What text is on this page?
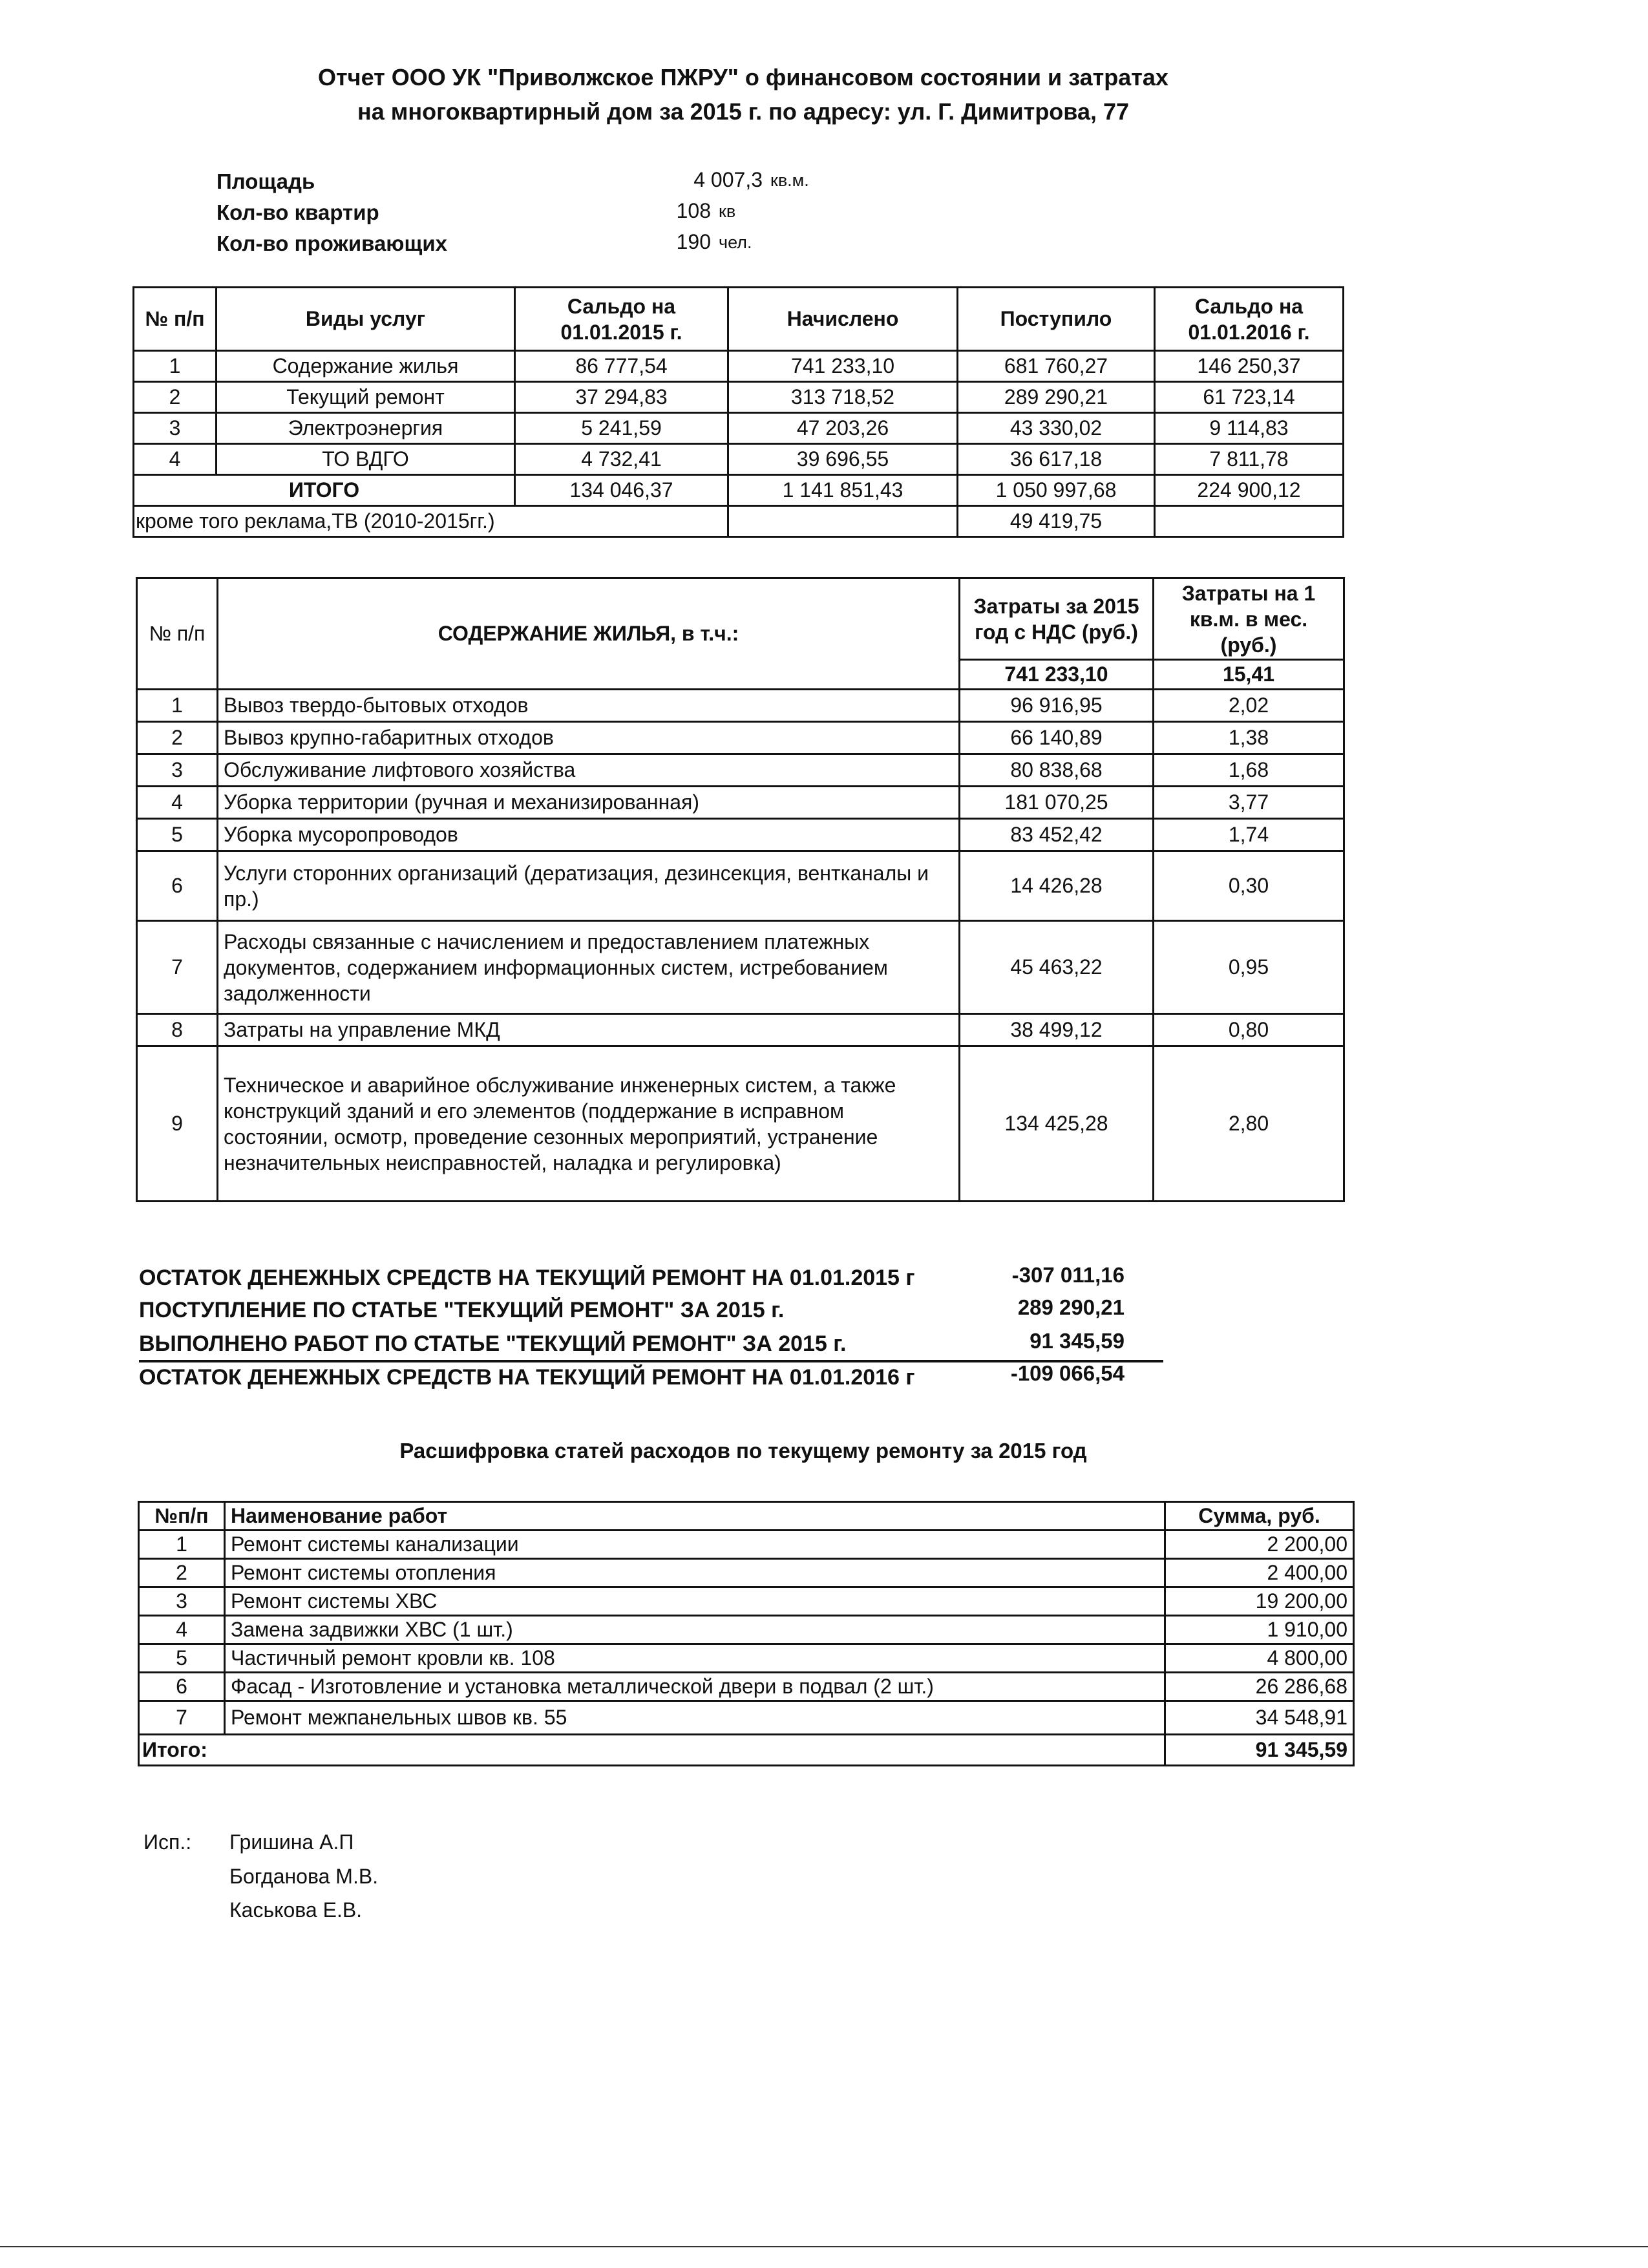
Отчет ООО УК "Приволжское ПЖРУ" о финансовом состоянии и затратах
на многоквартирный дом за 2015 г. по адресу: ул. Г. Димитрова, 77
Площадь	4 007,3 кв.м.
Кол-во квартир	108 кв
Кол-во проживающих	190 чел.
№ п/п	Виды услуг	Сальдо на 01.01.2015 г.	Начислено	Поступило	Сальдо на 01.01.2016 г.
1	Содержание жилья	86 777,54	741 233,10	681 760,27	146 250,37
2	Текущий ремонт	37 294,83	313 718,52	289 290,21	61 723,14
3	Электроэнергия	5 241,59	47 203,26	43 330,02	9 114,83
4	ТО ВДГО	4 732,41	39 696,55	36 617,18	7 811,78
ИТОГО		134 046,37	1 141 851,43	1 050 997,68	224 900,12
кроме того реклама,ТВ (2010-2015гг.)				49 419,75	
№ п/п	СОДЕРЖАНИЕ ЖИЛЬЯ, в т.ч.:	Затраты за 2015 год с НДС (руб.)	Затраты на 1 кв.м. в мес. (руб.)
		741 233,10	15,41
1	Вывоз твердо-бытовых отходов	96 916,95	2,02
2	Вывоз крупно-габаритных отходов	66 140,89	1,38
3	Обслуживание лифтового хозяйства	80 838,68	1,68
4	Уборка территории (ручная и механизированная)	181 070,25	3,77
5	Уборка мусоропроводов	83 452,42	1,74
6	Услуги сторонних организаций (дератизация, дезинсекция, вентканалы и пр.)	14 426,28	0,30
7	Расходы связанные с начислением и предоставлением платежных документов, содержанием информационных систем, истребованием задолженности	45 463,22	0,95
8	Затраты на управление МКД	38 499,12	0,80
9	Техническое и аварийное обслуживание инженерных систем, а также конструкций зданий и его элементов (поддержание в исправном состоянии, осмотр, проведение сезонных мероприятий, устранение незначительных неисправностей, наладка и регулировка)	134 425,28	2,80
ОСТАТОК ДЕНЕЖНЫХ СРЕДСТВ НА ТЕКУЩИЙ РЕМОНТ НА 01.01.2015 г	-307 011,16
ПОСТУПЛЕНИЕ ПО СТАТЬЕ "ТЕКУЩИЙ РЕМОНТ" ЗА 2015 г.	289 290,21
ВЫПОЛНЕНО РАБОТ ПО СТАТЬЕ "ТЕКУЩИЙ РЕМОНТ" ЗА 2015 г.	91 345,59
ОСТАТОК ДЕНЕЖНЫХ СРЕДСТВ НА ТЕКУЩИЙ РЕМОНТ НА 01.01.2016 г	-109 066,54
Расшифровка статей расходов по текущему ремонту за 2015 год
№п/п	Наименование работ	Сумма, руб.
1	Ремонт системы канализации	2 200,00
2	Ремонт системы отопления	2 400,00
3	Ремонт системы ХВС	19 200,00
4	Замена задвижки ХВС (1 шт.)	1 910,00
5	Частичный ремонт кровли кв. 108	4 800,00
6	Фасад - Изготовление и установка металлической двери в подвал (2 шт.)	26 286,68
7	Ремонт межпанельных швов кв. 55	34 548,91
Итого:		91 345,59
Исп.: Гришина А.П
Богданова М.В.
Каськова Е.В.
